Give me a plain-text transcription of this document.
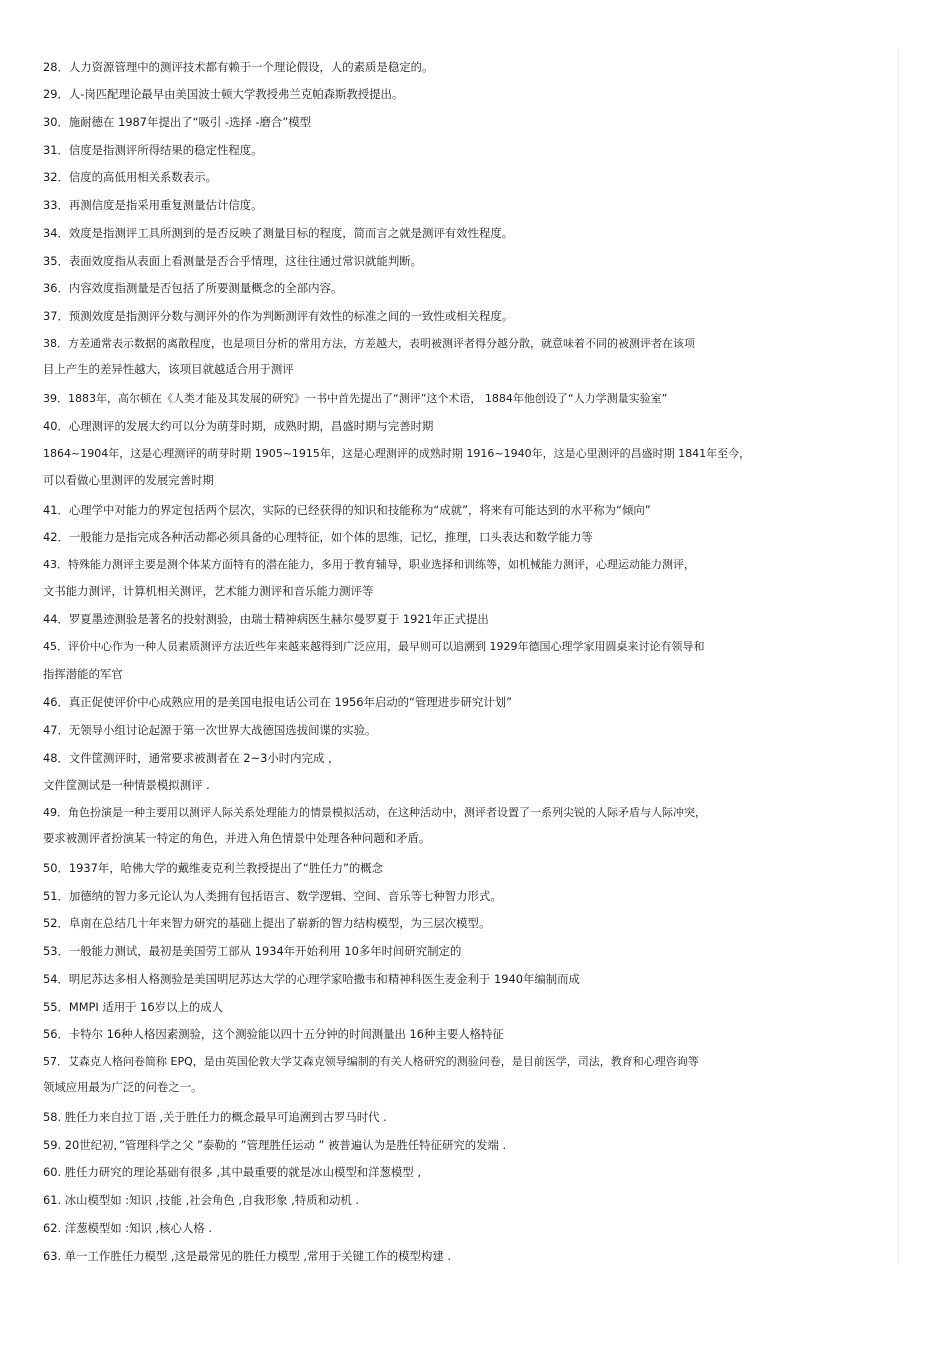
28．人力资源管理中的测评技术都有赖于一个理论假设，人的素质是稳定的。
29．人-岗匹配理论最早由美国波士顿大学教授弗兰克帕森斯教授提出。
30．施耐德在 1987年提出了“吸引 -选择 -磨合”模型
31．信度是指测评所得结果的稳定性程度。
32．信度的高低用相关系数表示。
33．再测信度是指采用重复测量估计信度。
34．效度是指测评工具所测到的是否反映了测量目标的程度，简而言之就是测评有效性程度。
35．表面效度指从表面上看测量是否合乎情理，这往往通过常识就能判断。
36．内容效度指测量是否包括了所要测量概念的全部内容。
37．预测效度是指测评分数与测评外的作为判断测评有效性的标准之间的一致性或相关程度。
38．方差通常表示数据的离散程度，也是项目分析的常用方法，方差越大，表明被测评者得分越分散，就意味着不同的被测评者在该项
目上产生的差异性越大，该项目就越适合用于测评
39．1883年，高尔顿在《人类才能及其发展的研究》一书中首先提出了“测评”这个术语， 1884年他创设了“人力学测量实验室”
40．心理测评的发展大约可以分为萌芽时期，成熟时期，昌盛时期与完善时期
1864~1904年，这是心理测评的萌芽时期 1905~1915年，这是心理测评的成熟时期 1916~1940年，这是心里测评的昌盛时期 1841年至今，
可以看做心里测评的发展完善时期
41．心理学中对能力的界定包括两个层次，实际的已经获得的知识和技能称为“成就”，将来有可能达到的水平称为“倾向”
42．一般能力是指完成各种活动都必须具备的心理特征，如个体的思维，记忆，推理，口头表达和数学能力等
43．特殊能力测评主要是测个体某方面特有的潜在能力，多用于教育辅导，职业选择和训练等，如机械能力测评，心理运动能力测评，
文书能力测评，计算机相关测评，艺术能力测评和音乐能力测评等
44．罗夏墨迹测验是著名的投射测验，由瑞士精神病医生赫尔曼罗夏于 1921年正式提出
45．评价中心作为一种人员素质测评方法近些年来越来越得到广泛应用，最早则可以追溯到 1929年德国心理学家用圆桌来讨论有领导和
指挥潜能的军官
46．真正促使评价中心成熟应用的是美国电报电话公司在 1956年启动的“管理进步研究计划”
47．无领导小组讨论起源于第一次世界大战德国选拔间谍的实验。
48．文件筐测评时，通常要求被测者在 2~3小时内完成 ，
文件筐测试是一种情景模拟测评 .
49．角色扮演是一种主要用以测评人际关系处理能力的情景模拟活动，在这种活动中，测评者设置了一系列尖锐的人际矛盾与人际冲突，
要求被测评者扮演某一特定的角色，并进入角色情景中处理各种问题和矛盾。
50．1937年，哈佛大学的戴维麦克利兰教授提出了“胜任力”的概念
51．加德纳的智力多元论认为人类拥有包括语言、数学逻辑、空间、音乐等七种智力形式。
52．阜南在总结几十年来智力研究的基础上提出了崭新的智力结构模型，为三层次模型。
53．一般能力测试，最初是美国劳工部从 1934年开始利用 10多年时间研究制定的
54．明尼苏达多相人格测验是美国明尼苏达大学的心理学家哈撒韦和精神科医生麦金利于 1940年编制而成
55．MMPI 适用于 16岁以上的成人
56．卡特尔 16种人格因素测验，这个测验能以四十五分钟的时间测量出 16种主要人格特征
57．艾森克人格问卷简称 EPQ，是由英国伦敦大学艾森克领导编制的有关人格研究的测验问卷，是目前医学，司法，教育和心理咨询等
领域应用最为广泛的问卷之一。
58. 胜任力来自拉丁语 ,关于胜任力的概念最早可追溯到古罗马时代 .
59. 20世纪初，”管理科学之父 ”泰勒的 ”管理胜任运动 ” 被普遍认为是胜任特征研究的发端 .
60. 胜任力研究的理论基础有很多 ,其中最重要的就是冰山模型和洋葱模型 ,
61. 冰山模型如 :知识 ,技能 ,社会角色 ,自我形象 ,特质和动机 .
62. 洋葱模型如 :知识 ,核心人格 .
63. 单一工作胜任力模型 ,这是最常见的胜任力模型 ,常用于关键工作的模型构建 .
